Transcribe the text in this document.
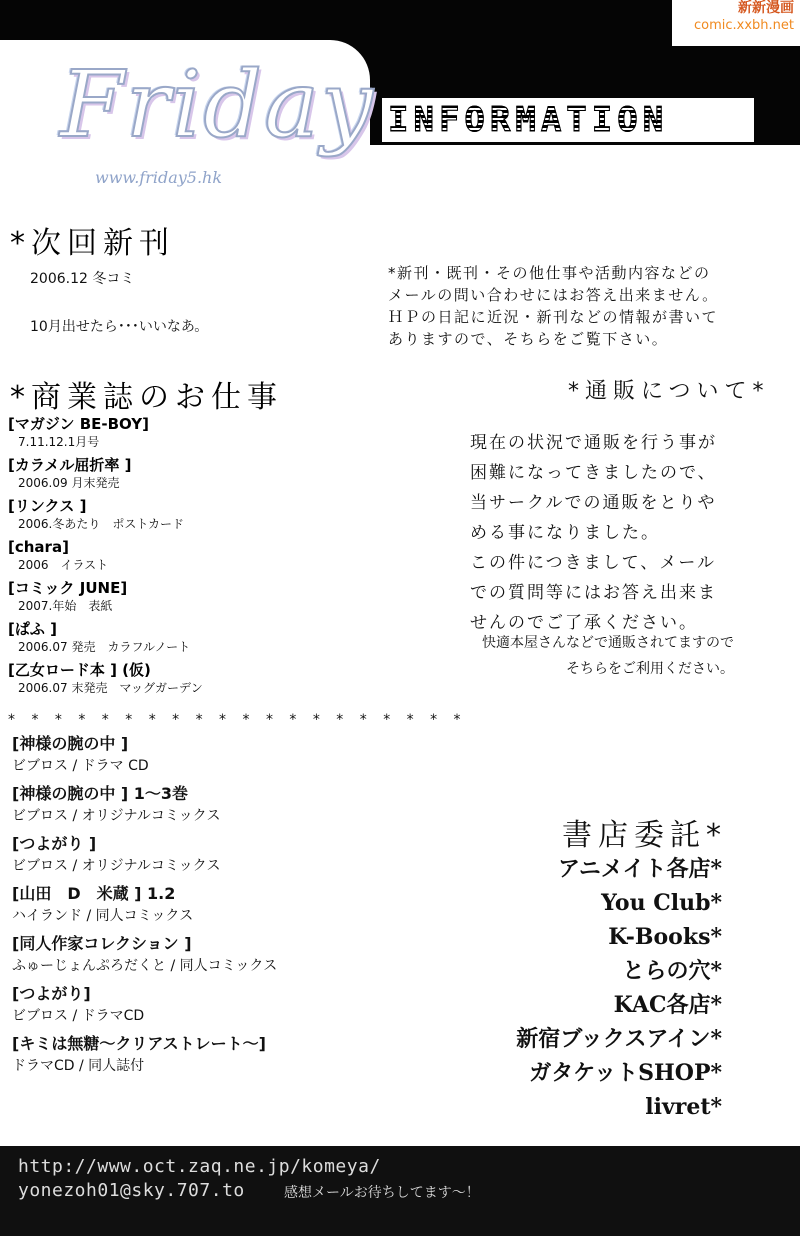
Friday
www.friday5.hk
INFORMATION
新新漫画
comic.xxbh.net
*次回新刊
2006.12 冬コミ
10月出せたら･･･いいなあ。
*新刊・既刊・その他仕事や活動内容などの
メールの問い合わせにはお答え出来ません。
ＨＰの日記に近況・新刊などの情報が書いて
ありますので、そちらをご覧下さい。
*商業誌のお仕事
[マガジン BE-BOY]
7.11.12.1月号
[カラメル屈折率 ]
2006.09 月末発売
[リンクス ]
2006.冬あたり　ポストカード
[chara]
2006　イラスト
[コミック JUNE]
2007.年始　表紙
[ぱふ ]
2006.07 発売　カラフルノート
[乙女ロード本 ] (仮)
2006.07 末発売　マッグガーデン
* * * * * * * * * * * * * * * * * * * *
[神様の腕の中 ]
ビブロス / ドラマ CD
[神様の腕の中 ] 1～3巻
ビブロス / オリジナルコミックス
[つよがり ]
ビブロス / オリジナルコミックス
[山田　D　米蔵 ] 1.2
ハイランド / 同人コミックス
[同人作家コレクション ]
ふゅーじょんぷろだくと / 同人コミックス
[つよがり]
ビブロス / ドラマCD
[キミは無糖～クリアストレート～]
ドラマCD / 同人誌付
*通販について*
現在の状況で通販を行う事が
困難になってきましたので、
当サークルでの通販をとりや
める事になりました。
この件につきまして、メール
での質問等にはお答え出来ま
せんのでご了承ください。
快適本屋さんなどで通販されてますので
そちらをご利用ください。
書店委託*
アニメイト各店*
You Club*
K-Books*
とらの穴*
KAC各店*
新宿ブックスアイン*
ガタケットSHOP*
livret*
http://www.oct.zaq.ne.jp/komeya/
yonezoh01@sky.707.to	感想メールお待ちしてます～！
